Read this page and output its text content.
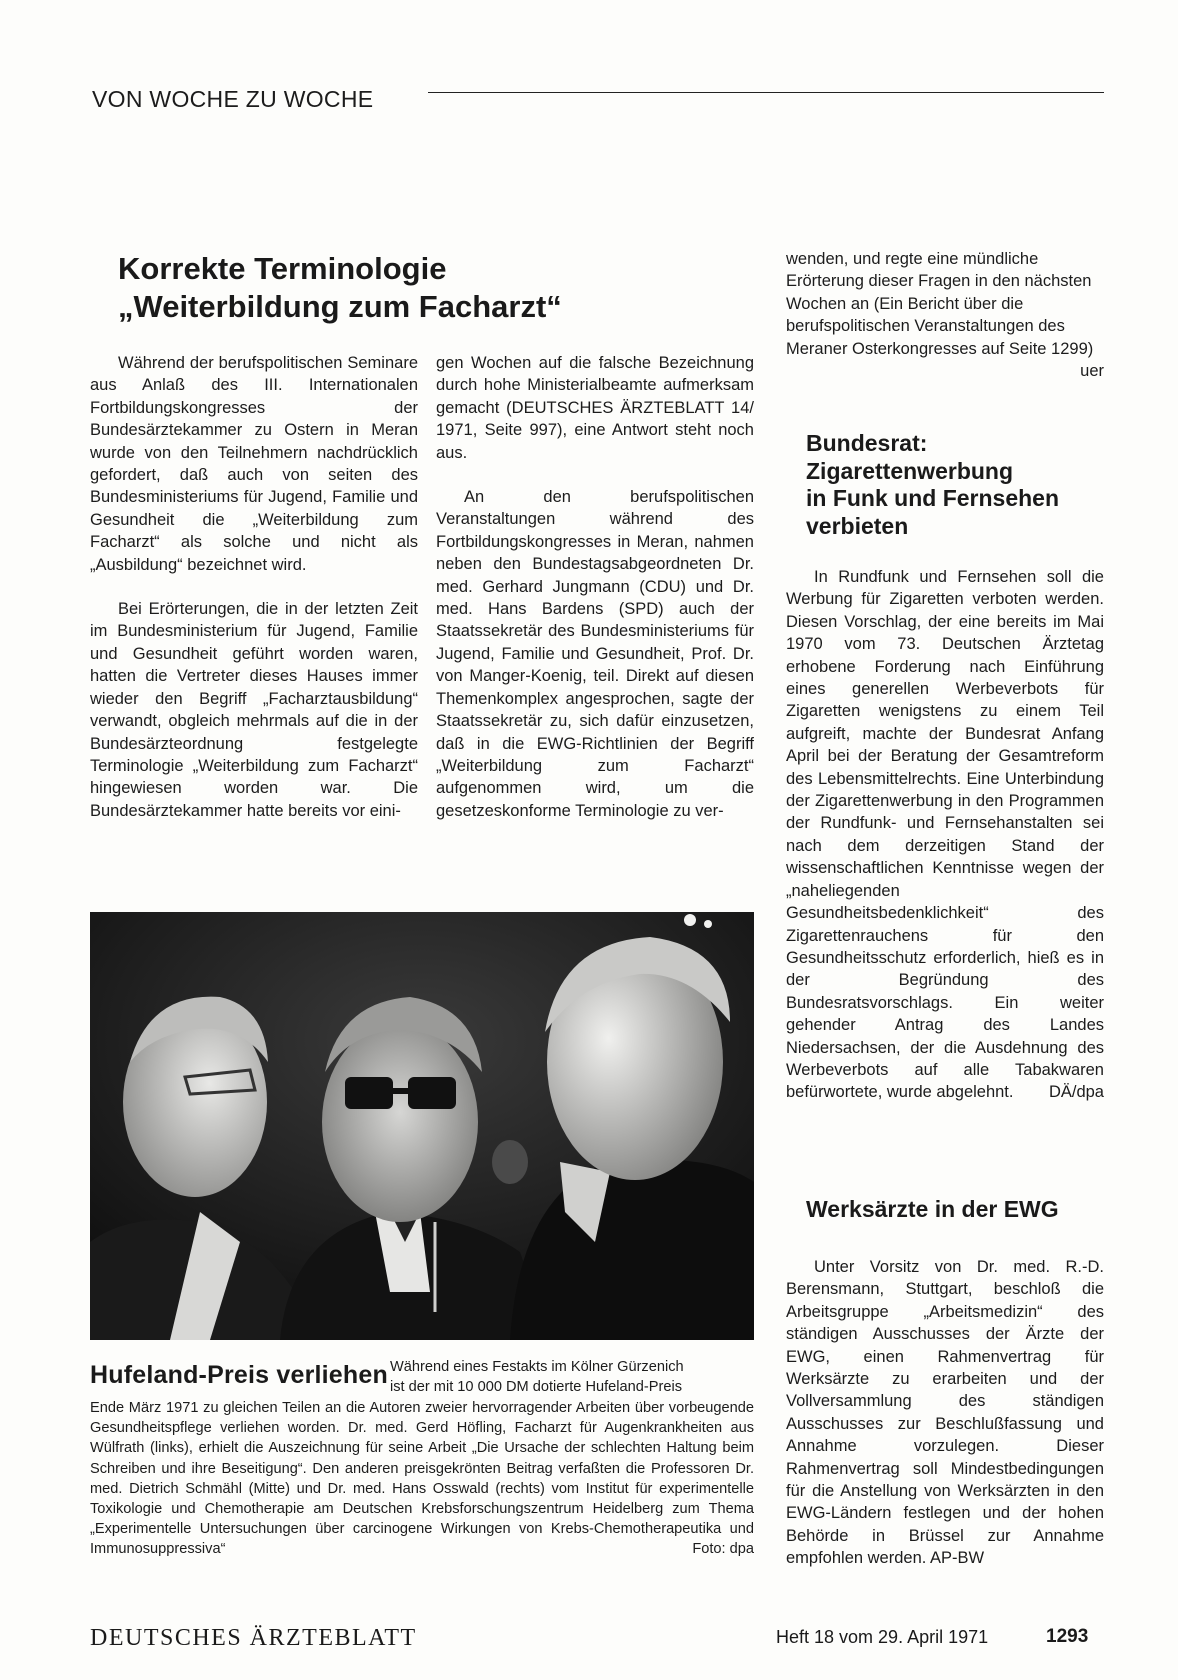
VON WOCHE ZU WOCHE
Korrekte Terminologie
„Weiterbildung zum Facharzt“

Während der berufspolitischen Seminare aus Anlaß des III. Internationalen Fortbildungskongresses der Bundesärztekammer zu Ostern in Meran wurde von den Teilnehmern nachdrücklich gefordert, daß auch von seiten des Bundesministeriums für Jugend, Familie und Gesundheit die „Weiterbildung zum Facharzt“ als solche und nicht als „Ausbildung“ bezeichnet wird.

Bei Erörterungen, die in der letzten Zeit im Bundesministerium für Jugend, Familie und Gesundheit geführt worden waren, hatten die Vertreter dieses Hauses immer wieder den Begriff „Facharztausbildung“ verwandt, obgleich mehrmals auf die in der Bundesärzteordnung festgelegte Terminologie „Weiterbildung zum Facharzt“ hingewiesen worden war. Die Bundesärztekammer hatte bereits vor eini-

gen Wochen auf die falsche Bezeichnung durch hohe Ministerialbeamte aufmerksam gemacht (DEUTSCHES ÄRZTEBLATT 14/ 1971, Seite 997), eine Antwort steht noch aus.

An den berufspolitischen Veranstaltungen während des Fortbildungskongresses in Meran, nahmen neben den Bundestagsabgeordneten Dr. med. Gerhard Jungmann (CDU) und Dr. med. Hans Bardens (SPD) auch der Staatssekretär des Bundesministeriums für Jugend, Familie und Gesundheit, Prof. Dr. von Manger-Koenig, teil. Direkt auf diesen Themenkomplex angesprochen, sagte der Staatssekretär zu, sich dafür einzusetzen, daß in die EWG-Richtlinien der Begriff „Weiterbildung zum Facharzt“ aufgenommen wird, um die gesetzeskonforme Terminologie zu ver-

wenden, und regte eine mündliche Erörterung dieser Fragen in den nächsten Wochen an (Ein Bericht über die berufspolitischen Veranstaltungen des Meraner Osterkongresses auf Seite 1299)
uer

Bundesrat:
Zigarettenwerbung
in Funk und Fernsehen
verbieten

In Rundfunk und Fernsehen soll die Werbung für Zigaretten verboten werden. Diesen Vorschlag, der eine bereits im Mai 1970 vom 73. Deutschen Ärztetag erhobene Forderung nach Einführung eines generellen Werbeverbots für Zigaretten wenigstens zu einem Teil aufgreift, machte der Bundesrat Anfang April bei der Beratung der Gesamtreform des Lebensmittelrechts. Eine Unterbindung der Zigarettenwerbung in den Programmen der Rundfunk- und Fernsehanstalten sei nach dem derzeitigen Stand der wissenschaftlichen Kenntnisse wegen der „naheliegenden Gesundheitsbedenklichkeit“ des Zigarettenrauchens für den Gesundheitsschutz erforderlich, hieß es in der Begründung des Bundesratsvorschlags. Ein weiter gehender Antrag des Landes Niedersachsen, der die Ausdehnung des Werbeverbots auf alle Tabakwaren befürwortete, wurde abgelehnt.	DÄ/dpa

Werksärzte in der EWG

Unter Vorsitz von Dr. med. R.-D. Berensmann, Stuttgart, beschloß die Arbeitsgruppe „Arbeitsmedizin“ des ständigen Ausschusses der Ärzte der EWG, einen Rahmenvertrag für Werksärzte zu erarbeiten und der Vollversammlung des ständigen Ausschusses zur Beschlußfassung und Annahme vorzulegen. Dieser Rahmenvertrag soll Mindestbedingungen für die Anstellung von Werksärzten in den EWG-Ländern festlegen und der hohen Behörde in Brüssel zur Annahme empfohlen werden. AP-BW

Hufeland-Preis verliehen Während eines Festakts im Kölner Gürzenich
ist der mit 10 000 DM dotierte Hufeland-Preis
Ende März 1971 zu gleichen Teilen an die Autoren zweier hervorragender Arbeiten über vorbeugende Gesundheitspflege verliehen worden. Dr. med. Gerd Höfling, Facharzt für Augenkrankheiten aus Wülfrath (links), erhielt die Auszeichnung für seine Arbeit „Die Ursache der schlechten Haltung beim Schreiben und ihre Beseitigung“. Den anderen preisgekrönten Beitrag verfaßten die Professoren Dr. med. Dietrich Schmähl (Mitte) und Dr. med. Hans Osswald (rechts) vom Institut für experimentelle Toxikologie und Chemotherapie am Deutschen Krebsforschungszentrum Heidelberg zum Thema „Experimentelle Untersuchungen über carcinogene Wirkungen von Krebs-Chemotherapeutika und Immunosuppressiva“	Foto: dpa
DEUTSCHES ÄRZTEBLATT	Heft 18 vom 29. April 1971	1293
